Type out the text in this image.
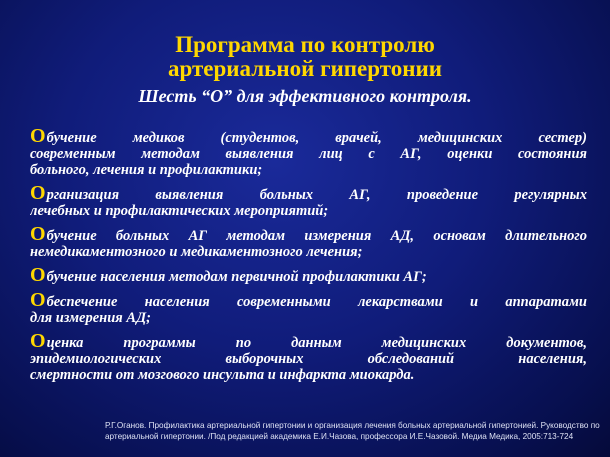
Программа по контролю
артериальной гипертонии
Шесть “О” для эффективного контроля.
Обучение медиков (студентов, врачей, медицинских сестер)
современным методам выявления лиц с АГ, оценки состояния
больного, лечения и профилактики;
Организация выявления больных АГ, проведение регулярных
лечебных и профилактических мероприятий;
Обучение больных АГ методам измерения АД, основам длительного
немедикаментозного и медикаментозного лечения;
Обучение населения методам первичной профилактики АГ;
Обеспечение населения современными лекарствами и аппаратами
для измерения АД;
Оценка программы по данным медицинских документов,
эпидемиологических выборочных обследований населения,
смертности от мозгового инсульта и инфаркта миокарда.
Р.Г.Оганов. Профилактика артериальной гипертонии и организация лечения больных артериальной гипертонией. Руководство по
артериальной гипертонии. /Под редакцией академика Е.И.Чазова, профессора И.Е.Чазовой. Медиа Медика, 2005:713-724
